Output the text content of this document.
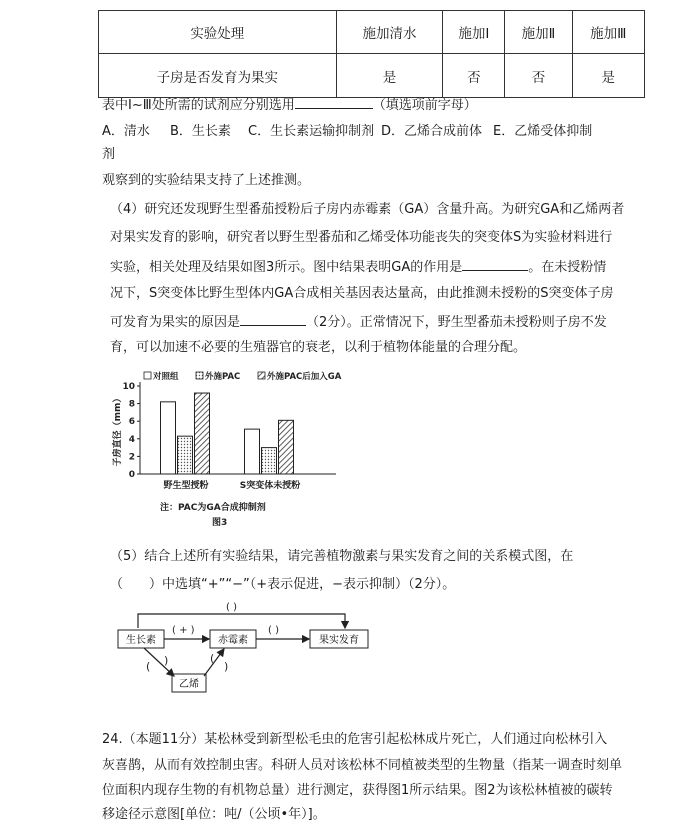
实验处理	施加清水	施加Ⅰ	施加Ⅱ	施加Ⅲ
子房是否发育为果实	是	否	否	是
表中Ⅰ~Ⅲ处所需的试剂应分别选用	（填选项前字母）
A．清水 B．生长素 C．生长素运输抑制剂 D．乙烯合成前体 E．乙烯受体抑制
剂
观察到的实验结果支持了上述推测。
（4）研究还发现野生型番茄授粉后子房内赤霉素（GA）含量升高。为研究GA和乙烯两者
对果实发育的影响，研究者以野生型番茄和乙烯受体功能丧失的突变体S为实验材料进行
实验，相关处理及结果如图3所示。图中结果表明GA的作用是	。在未授粉情
况下，S突变体比野生型体内GA合成相关基因表达量高，由此推测未授粉的S突变体子房
可发育为果实的原因是	（2分）。正常情况下，野生型番茄未授粉则子房不发
育，可以加速不必要的生殖器官的衰老，以利于植物体能量的合理分配。
对照组	外施PAC	外施PAC后加入GA
子房直径（mm）
0
2
4
6
8
10
野生型授粉	S突变体未授粉
注：PAC为GA合成抑制剂
图3
（5）结合上述所有实验结果，请完善植物激素与果实发育之间的关系模式图，在
（　　）中选填“+”“−”（+表示促进，−表示抑制）（2分）。
( )
生长素	赤霉素	果实发育
乙烯
( + )	( )
( )	(
)
24.（本题11分）某松林受到新型松毛虫的危害引起松林成片死亡，人们通过向松林引入
灰喜鹊，从而有效控制虫害。科研人员对该松林不同植被类型的生物量（指某一调查时刻单
位面积内现存生物的有机物总量）进行测定，获得图1所示结果。图2为该松林植被的碳转
移途径示意图[单位：吨/（公顷•年）]。
